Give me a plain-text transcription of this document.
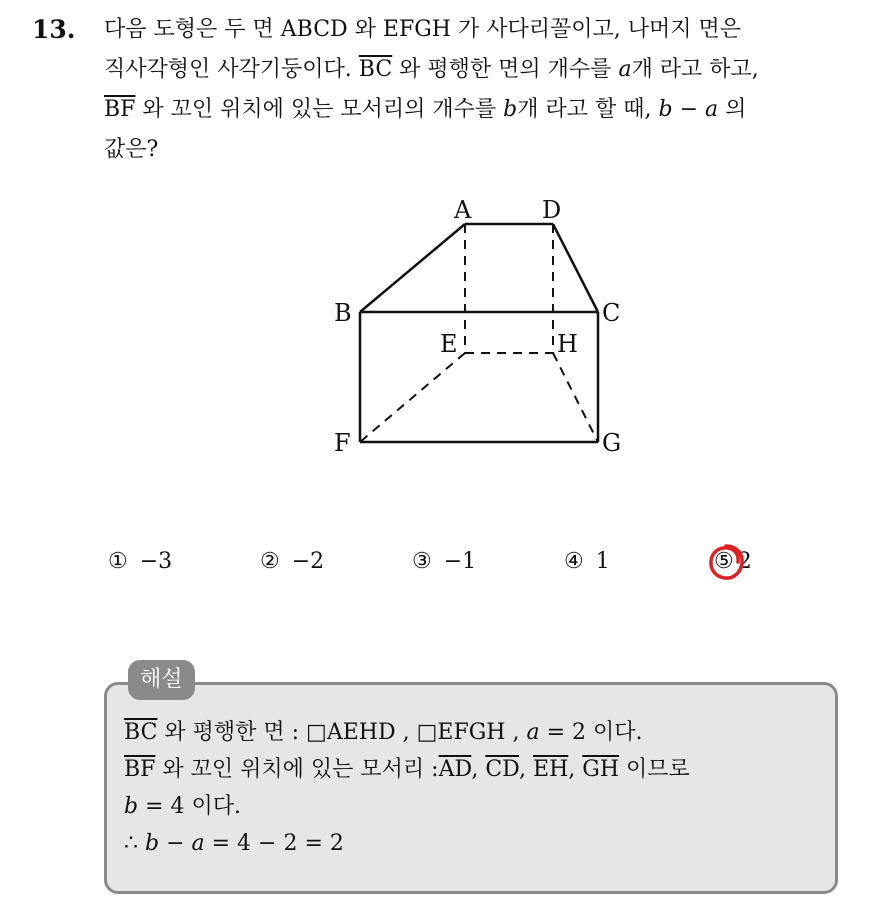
13. 다음 도형은 두 면 ABCD 와 EFGH 가 사다리꼴이고, 나머지 면은
직사각형인 사각기둥이다. $\overline{BC}$ 와 평행한 면의 개수를 a개 라고 하고,
$\overline{BF}$ 와 꼬인 위치에 있는 모서리의 개수를 b개 라고 할 때, b − a 의
값은?
A	D
B	C
E	H
F	G
① −3	② −2	③ −1	④ 1	⑤ 2
해설
$\overline{BC}$ 와 평행한 면 : □AEHD , □EFGH , a = 2 이다.
$\overline{BF}$ 와 꼬인 위치에 있는 모서리 $:\overline{AD}$, $\overline{CD}$, $\overline{EH}$, $\overline{GH}$ 이므로
b = 4 이다.
∴ b − a = 4 − 2 = 2
